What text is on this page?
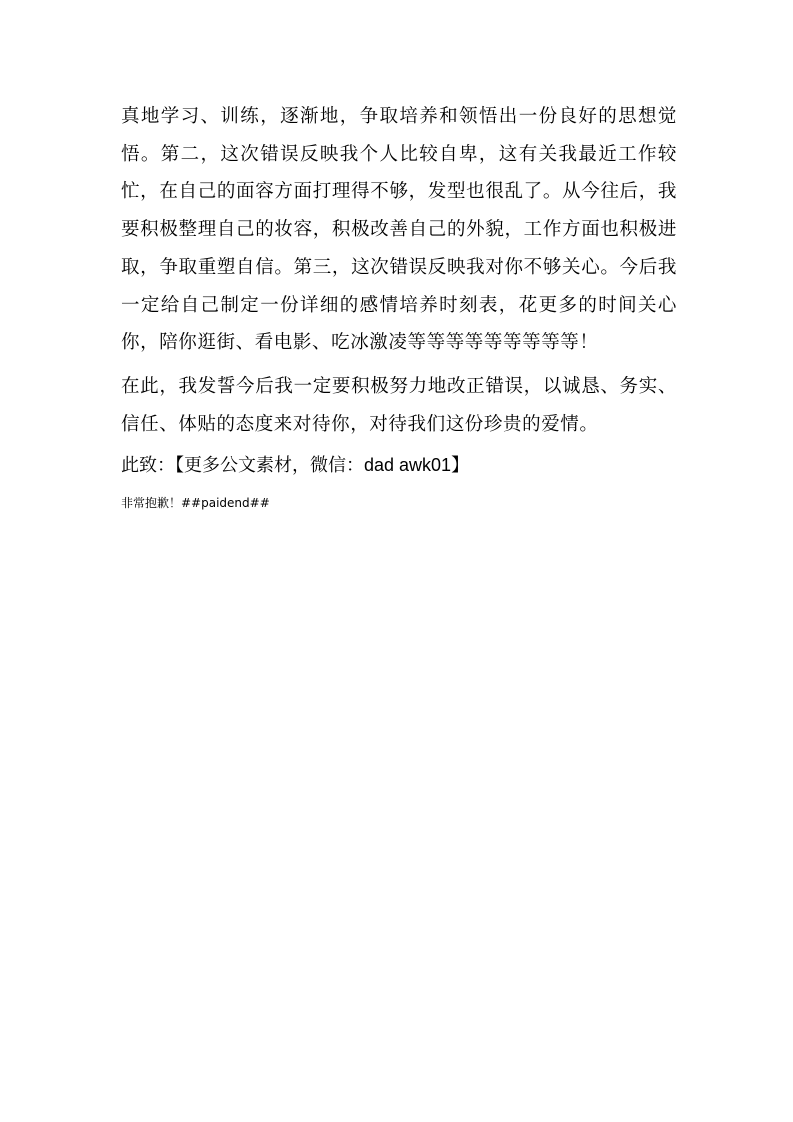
真地学习、训练，逐渐地，争取培养和领悟出一份良好的思想觉悟。第二，这次错误反映我个人比较自卑，这有关我最近工作较忙，在自己的面容方面打理得不够，发型也很乱了。从今往后，我要积极整理自己的妆容，积极改善自己的外貌，工作方面也积极进取，争取重塑自信。第三，这次错误反映我对你不够关心。今后我一定给自己制定一份详细的感情培养时刻表，花更多的时间关心你，陪你逛街、看电影、吃冰激凌等等等等等等等等等！

在此，我发誓今后我一定要积极努力地改正错误，以诚恳、务实、信任、体贴的态度来对待你，对待我们这份珍贵的爱情。

此致：【更多公文素材，微信：dad awk01】

非常抱歉！##paidend##
